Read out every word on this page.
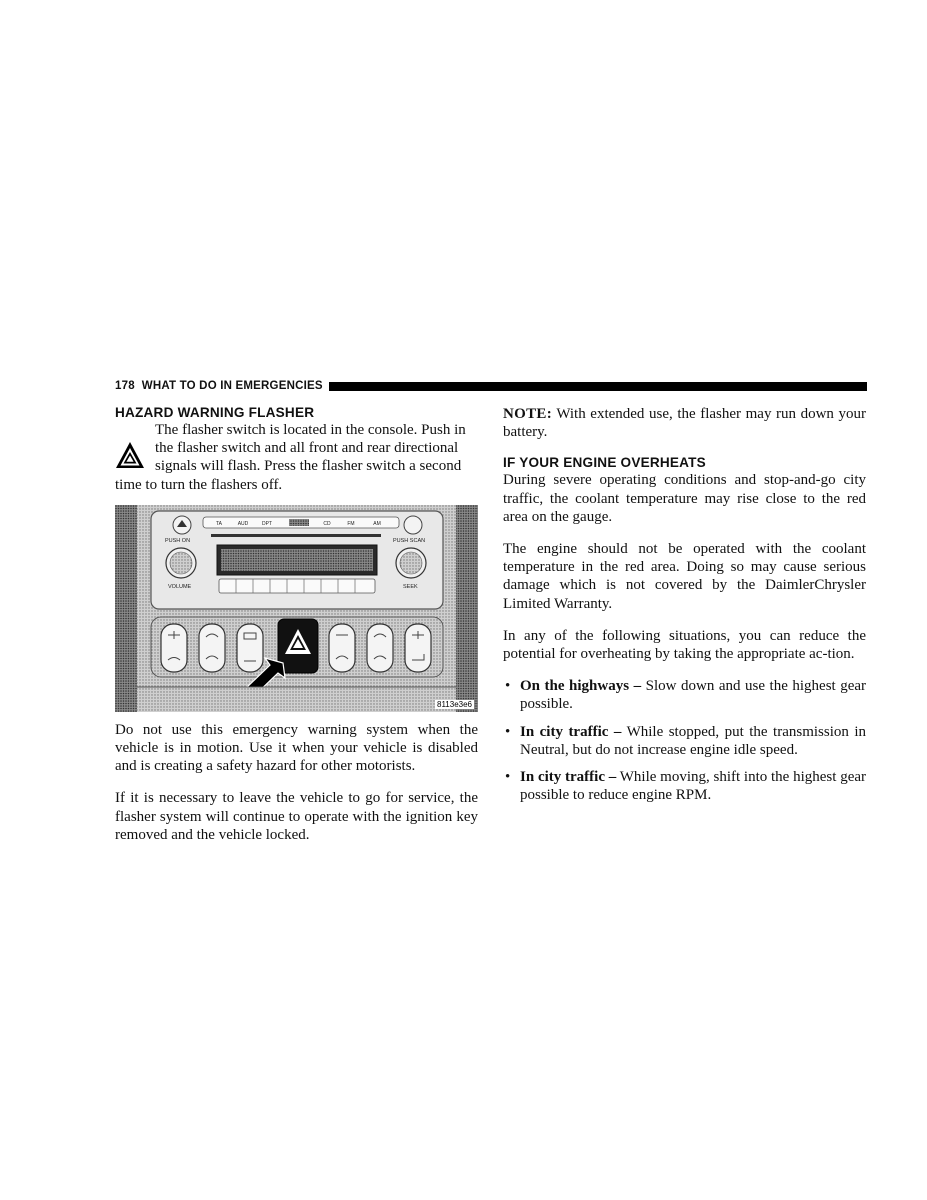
178 WHAT TO DO IN EMERGENCIES
HAZARD WARNING FLASHER

The flasher switch is located in the console. Push in
the flasher switch and all front and rear directional
signals will flash. Press the flasher switch a second
time to turn the flashers off.

TA	AUD	DPT	CD	FM	AM
PUSH ON	PUSH SCAN
VOLUME	SEEK
8113e3e6

Do not use this emergency warning system when the vehicle is in motion. Use it when your vehicle is disabled and is creating a safety hazard for other motorists.

If it is necessary to leave the vehicle to go for service, the flasher system will continue to operate with the ignition key removed and the vehicle locked.

NOTE: With extended use, the flasher may run down your battery.

IF YOUR ENGINE OVERHEATS

During severe operating conditions and stop-and-go city traffic, the coolant temperature may rise close to the red area on the gauge.

The engine should not be operated with the coolant temperature in the red area. Doing so may cause serious damage which is not covered by the DaimlerChrysler Limited Warranty.

In any of the following situations, you can reduce the potential for overheating by taking the appropriate ac-tion.

• On the highways – Slow down and use the highest gear possible.
• In city traffic – While stopped, put the transmission in Neutral, but do not increase engine idle speed.
• In city traffic – While moving, shift into the highest gear possible to reduce engine RPM.
